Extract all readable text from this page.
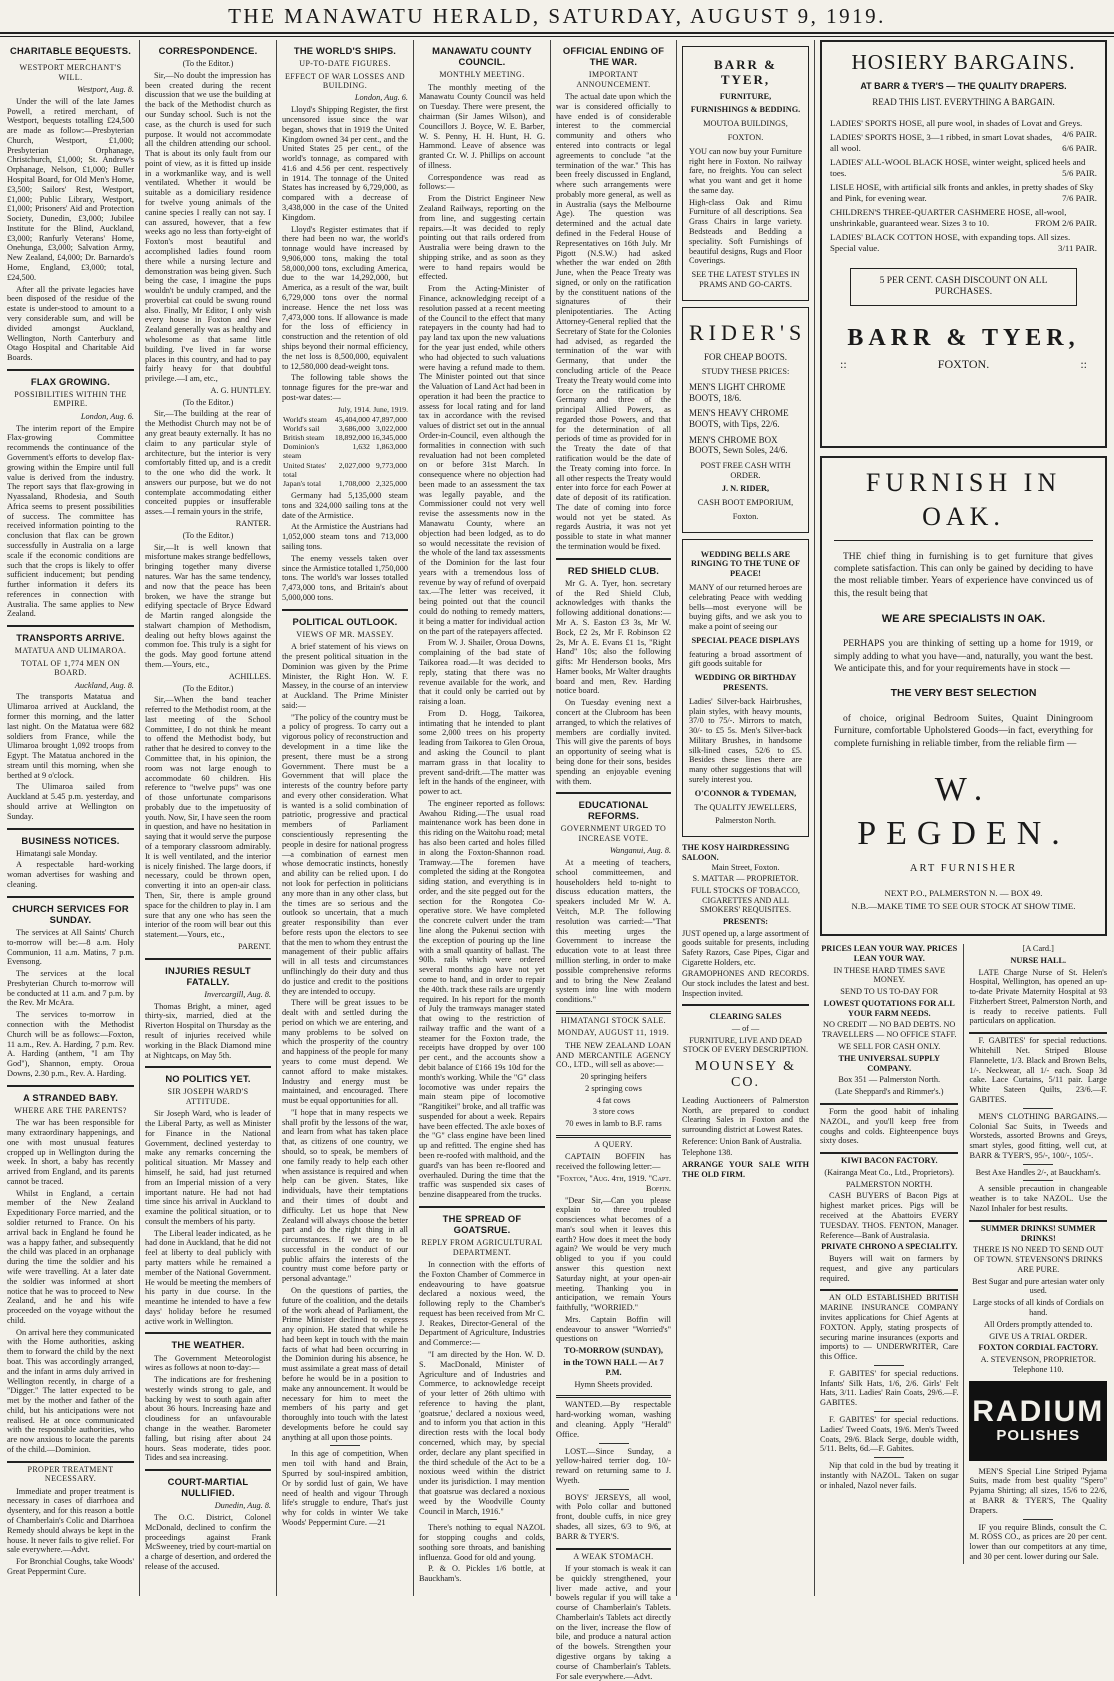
THE MANAWATU HERALD, SATURDAY, AUGUST 9, 1919.
CHARITABLE BEQUESTS.
WESTPORT MERCHANT'S WILL.

Westport, Aug. 8.

Under the will of the late James Powell, a retired merchant, of Westport, bequests totalling £24,500 are made as follow:—Presbyterian Church, Westport, £1,000; Presbyterian Orphanage, Christchurch, £1,000; St. Andrew's Orphanage, Nelson, £1,000; Buller Hospital Board, for Old Men's Home, £3,500; Sailors' Rest, Westport, £1,000; Public Library, Westport, £1,000; Prisoners' Aid and Protection Society, Dunedin, £3,000; Jubilee Institute for the Blind, Auckland, £3,000; Ranfurly Veterans' Home, Onehunga, £3,000; Salvation Army, New Zealand, £4,000; Dr. Barnardo's Home, England, £3,000; total, £24,500.

After all the private legacies have been disposed of the residue of the estate is under-stood to amount to a very considerable sum, and will be divided amongst Auckland, Wellington, North Canterbury and Otago Hospital and Charitable Aid Boards.

FLAX GROWING.
POSSIBILITIES WITHIN THE EMPIRE.

London, Aug. 6.

The interim report of the Empire Flax-growing Committee recommends the continuance of the Government's efforts to develop flax-growing within the Empire until full value is derived from the industry. The report says that flax-growing in Nyassaland, Rhodesia, and South Africa seems to present possibilities of success. The committee has received information pointing to the conclusion that flax can be grown successfully in Australia on a large scale if the economic conditions are such that the crops is likely to offer sufficient inducement; but pending further information it defers its references in connection with Australia. The same applies to New Zealand.

TRANSPORTS ARRIVE.
MATATUA AND ULIMAROA.
TOTAL OF 1,774 MEN ON BOARD.

Auckland, Aug. 8.

The transports Matatua and Ulimaroa arrived at Auckland, the former this morning, and the latter last night. On the Matatua were 682 soldiers from France, while the Ulimaroa brought 1,092 troops from Egypt. The Matatua anchored in the stream until this morning, when she berthed at 9 o'clock.

The Ulimaroa sailed from Auckland at 5.45 p.m. yesterday, and should arrive at Wellington on Sunday.

BUSINESS NOTICES.

Himatangi sale Monday.

A respectable hard-working woman advertises for washing and cleaning.

CHURCH SERVICES FOR SUNDAY.

The services at All Saints' Church to-morrow will be:—8 a.m. Holy Communion, 11 a.m. Matins, 7 p.m. Evensong.

The services at the local Presbyterian Church to-morrow will be conducted at 11 a.m. and 7 p.m. by the Rev. Mr McAra.

The services to-morrow in connection with the Methodist Church will be as follows:—Foxton, 11 a.m., Rev. A. Harding, 7 p.m. Rev. A. Harding (anthem, "I am Thy God"), Shannon, empty. Oroua Downs, 2.30 p.m., Rev. A. Harding.

A STRANDED BABY.
WHERE ARE THE PARENTS?

The war has been responsible for many extraordinary happenings, and one with most unusual features cropped up in Wellington during the week. In short, a baby has recently arrived from England, and its parents cannot be traced.

Whilst in England, a certain member of the New Zealand Expeditionary Force married, and the soldier returned to France. On his arrival back in England he found he was a happy father, and subsequently the child was placed in an orphanage during the time the soldier and his wife were travelling. At a later date the soldier was informed at short notice that he was to proceed to New Zealand, and he and his wife proceeded on the voyage without the child.

On arrival here they communicated with the Home authorities, asking them to forward the child by the next boat. This was accordingly arranged, and the infant in arms duly arrived in Wellington recently, in charge of a "Digger." The latter expected to be met by the mother and father of the child, but his anticipations were not realised. He at once communicated with the responsible authorities, who are now anxious to locate the parents of the child.—Dominion.

PROPER TREATMENT NECESSARY.

Immediate and proper treatment is necessary in cases of diarrhoea and dysentery, and for this reason a bottle of Chamberlain's Colic and Diarrhoea Remedy should always be kept in the house. It never fails to give relief. For sale everywhere.—Advt.

For Bronchial Coughs, take Woods' Great Peppermint Cure.

CORRESPONDENCE.

(To the Editor.)

Sir,—No doubt the impression has been created during the recent discussion that we use the building at the back of the Methodist church as our Sunday school. Such is not the case, as the church is used for such purpose. It would not accommodate all the children attending our school. That is about its only fault from our point of view, as it is fitted up inside in a workmanlike way, and is well ventilated. Whether it would be suitable as a domiciliary residence for twelve young animals of the canine species I really can not say. I can assured, however, that a few weeks ago no less than forty-eight of Foxton's most beautiful and accomplished ladies found room there while a nursing lecture and demonstration was being given. Such being the case, I imagine the pups wouldn't be unduly cramped, and the proverbial cat could be swung round also. Finally, Mr Editor, I only wish every house in Foxton and New Zealand generally was as healthy and wholesome as that same little building. I've lived in far worse places in this country, and had to pay fairly heavy for that doubtful privilege.—I am, etc.,

A. G. HUNTLEY.

(To the Editor.)

Sir,—The building at the rear of the Methodist Church may not be of any great beauty externally. It has no claim to any particular style of architecture, but the interior is very comfortably fitted up, and is a credit to the one who did the work. It answers our purpose, but we do not contemplate accommodating either conceited puppies or insufferable asses.—I remain yours in the strife,

RANTER.

(To the Editor.)

Sir,—It is well known that misfortune makes strange bedfellows, bringing together many diverse natures. War has the same tendency, and now that the peace has been broken, we have the strange but edifying spectacle of Bryce Edward de Martin ranged alongside the stalwart champion of Methodism, dealing out hefty blows against the common foe. This truly is a sight for the gods. May good fortune attend them.—Yours, etc.,

ACHILLES.

(To the Editor.)

Sir,—When the band teacher referred to the Methodist room, at the last meeting of the School Committee, I do not think he meant to offend the Methodist body, but rather that he desired to convey to the Committee that, in his opinion, the room was not large enough to accommodate 60 children. His reference to "twelve pups" was one of those unfortunate comparisons probably due to the impetuosity of youth. Now, Sir, I have seen the room in question, and have no hesitation in saying that it would serve the purpose of a temporary classroom admirably. It is well ventilated, and the interior is nicely finished. The large doors, if necessary, could be thrown open, converting it into an open-air class. Then, Sir, there is ample ground space for the children to play in. I am sure that any one who has seen the interior of the room will bear out this statement.—Yours, etc.,

PARENT.

INJURIES RESULT FATALLY.

Invercargill, Aug. 8.

Thomas Bright, a miner, aged thirty-six, married, died at the Riverton Hospital on Thursday as the result of injuries received while working in the Black Diamond mine at Nightcaps, on May 5th.

NO POLITICS YET.
SIR JOSEPH WARD'S ATTITUDE.

Sir Joseph Ward, who is leader of the Liberal Party, as well as Minister for Finance in the National Government, declined yesterday to make any remarks concerning the political situation. Mr Massey and himself, he said, had just returned from an Imperial mission of a very important nature. He had not had time since his arrival in Auckland to examine the political situation, or to consult the members of his party.

The Liberal leader indicated, as he had done in Auckland, that he did not feel at liberty to deal publicly with party matters while he remained a member of the National Government. He would be meeting the members of his party in due course. In the meantime he intended to have a few days' holiday before he resumed active work in Wellington.

THE WEATHER.

The Government Meteorologist wires as follows at noon to-day:—

The indications are for freshening westerly winds strong to gale, and backing by west to south again after about 36 hours. Increasing haze and cloudiness for an unfavourable change in the weather. Barometer falling, but rising after about 24 hours. Seas moderate, tides poor. Tides and sea increasing.

COURT-MARTIAL NULLIFIED.

Dunedin, Aug. 8.

The O.C. District, Colonel McDonald, declined to confirm the proceedings against Frank McSweeney, tried by court-martial on a charge of desertion, and ordered the release of the accused.

THE WORLD'S SHIPS.
UP-TO-DATE FIGURES.
EFFECT OF WAR LOSSES AND BUILDING.

London, Aug. 6.

Lloyd's Shipping Register, the first uncensored issue since the war began, shows that in 1919 the United Kingdom owned 34 per cent., and the United States 25 per cent., of the world's tonnage, as compared with 41.6 and 4.56 per cent. respectively in 1914. The tonnage of the United States has increased by 6,729,000, as compared with a decrease of 3,438,000 in the case of the United Kingdom.

Lloyd's Register estimates that if there had been no war, the world's tonnage would have increased by 9,906,000 tons, making the total 58,000,000 tons, excluding America, due to the war 14,292,000, but America, as a result of the war, built 6,729,000 tons over the normal increase. Hence the net loss was 7,473,000 tons. If allowance is made for the loss of efficiency in construction and the retention of old ships beyond their normal efficiency, the net loss is 8,500,000, equivalent to 12,580,000 dead-weight tons.

The following table shows the tonnage figures for the pre-war and post-war dates:—

	July, 1914.	June, 1919.
World's steam	45,404,000	47,897,000
World's sail	3,686,000	3,022,000
British steam	18,892,000	16,345,000
Dominion's steam	1,632	1,863,000
United States' total	2,027,000	9,773,000
Japan's total	1,708,000	2,325,000

Germany had 5,135,000 steam tons and 324,000 sailing tons at the date of the Armistice.

At the Armistice the Austrians had 1,052,000 steam tons and 713,000 sailing tons.

The enemy vessels taken over since the Armistice totalled 1,750,000 tons. The world's war losses totalled 7,473,000 tons, and Britain's about 5,000,000 tons.

POLITICAL OUTLOOK.
VIEWS OF MR. MASSEY.

A brief statement of his views on the present political situation in the Dominion was given by the Prime Minister, the Right Hon. W. F. Massey, in the course of an interview at Auckland. The Prime Minister said:—

"The policy of the country must be a policy of progress. To carry out a vigorous policy of reconstruction and development in a time like the present, there must be a strong Government. There must be a Government that will place the interests of the country before party and every other consideration. What is wanted is a solid combination of patriotic, progressive and practical members of Parliament conscientiously representing the people in desire for national progress—a combination of earnest men whose democratic instincts, honestly and ability can be relied upon. I do not look for perfection in politicians any more than in any other class, but the times are so serious and the outlook so uncertain, that a much greater responsibility than ever before rests upon the electors to see that the men to whom they entrust the management of their public affairs will in all tests and circumstances unflinchingly do their duty and thus do justice and credit to the positions they are intended to occupy.

There will be great issues to be dealt with and settled during the period on which we are entering, and many problems to be solved on which the prosperity of the country and happiness of the people for many years to come must depend. We cannot afford to make mistakes. Industry and energy must be maintained, and encouraged. There must be equal opportunities for all.

"I hope that in many respects we shall profit by the lessons of the war, and learn from what has taken place that, as citizens of one country, we should, so to speak, be members of one family ready to help each other when assistance is required and when help can be given. States, like individuals, have their temptations and their times of doubt and difficulty. Let us hope that New Zealand will always choose the better part and do the right thing in all circumstances. If we are to be successful in the conduct of our public affairs the interests of the country must come before party or personal advantage."

On the questions of parties, the future of the coalition, and the details of the work ahead of Parliament, the Prime Minister declined to express any opinion. He stated that while he had been kept in touch with the main facts of what had been occurring in the Dominion during his absence, he must assimilate a great mass of detail before he would be in a position to make any announcement. It would be necessary for him to meet the members of his party and get thoroughly into touch with the latest developments before he could say anything at all upon those points.

In this age of competition, When men toil with hand and Brain, Spurred by soul-inspired ambition, Or by sordid lust of gain, We have need of health and vigour Through life's struggle to endure, That's just why for colds in winter We take Woods' Peppermint Cure. —21

MANAWATU COUNTY COUNCIL.
MONTHLY MEETING.

The monthly meeting of the Manawatu County Council was held on Tuesday. There were present, the chairman (Sir James Wilson), and Councillors J. Boyce, W. E. Barber, W. S. Penny, H. H. Hunt, H. G. Hammond. Leave of absence was granted Cr. W. J. Phillips on account of illness.

Correspondence was read as follows:—

From the District Engineer New Zealand Railways, reporting on the from line, and suggesting certain repairs.—It was decided to reply pointing out that rails ordered from Australia were being drawn to the shipping strike, and as soon as they were to hand repairs would be effected.

From the Acting-Minister of Finance, acknowledging receipt of a resolution passed at a recent meeting of the Council to the effect that many ratepayers in the county had had to pay land tax upon the new valuations for the year just ended, while others who had objected to such valuations were having a refund made to them. The Minister pointed out that since the Valuation of Land Act had been in operation it had been the practice to assess for local rating and for land tax in accordance with the revised values of district set out in the annual Order-in-Council, even although the formalities in connection with such revaluation had not been completed on or before 31st March. In consequence where no objection had been made to an assessment the tax was legally payable, and the Commissioner could not very well revise the assessments now in the Manawatu County, where an objection had been lodged, as to do so would necessitate the revision of the whole of the land tax assessments of the Dominion for the last four years with a tremendous loss of revenue by way of refund of overpaid tax.—The letter was received, it being pointed out that the council could do nothing to remedy matters, it being a matter for individual action on the part of the ratepayers affected.

From W. J. Shailer, Oroua Downs, complaining of the bad state of Taikorea road.—It was decided to reply, stating that there was no revenue available for the work, and that it could only be carried out by raising a loan.

From D. Hogg, Taikorea, intimating that he intended to plant some 2,000 trees on his property leading from Taikorea to Glen Oroua, and asking the Council to plant marram grass in that locality to prevent sand-drift.—The matter was left in the hands of the engineer, with power to act.

The engineer reported as follows: Awahou Riding.—The usual road maintenance work has been done in this riding on the Waitohu road; metal has also been carted and holes filled in along the Foxton-Shannon road. Tramway.—The foremen have completed the siding at the Rongotea siding station, and everything is in order, and the site pegged out for the section for the Rongotea Co-operative store. We have completed the concrete culvert under the tram line along the Pukenui section with the exception of pouring up the line with a small quantity of ballast. The 90lb. rails which were ordered several months ago have not yet come to hand, and in order to repair the 40th. track these rails are urgently required. In his report for the month of July the tramways manager stated that owing to the restriction of railway traffic and the want of a steamer for the Foxton trade, the receipts have dropped by over 100 per cent., and the accounts show a debit balance of £166 19s 10d for the month's working. While the "G" class locomotive was under repairs the main steam pipe of locomotive "Rangitikei" broke, and all traffic was suspended for about a week. Repairs have been effected. The axle boxes of the "G" class engine have been lined up and refitted. The engine shed has been re-roofed with malthoid, and the guard's van has been re-floored and overhauled. During the time that the traffic was suspended six cases of benzine disappeared from the trucks.

THE SPREAD OF GOATSRUE.
REPLY FROM AGRICULTURAL DEPARTMENT.

In connection with the efforts of the Foxton Chamber of Commerce in endeavouring to have goatsrue declared a noxious weed, the following reply to the Chamber's request has been received from Mr C. J. Reakes, Director-General of the Department of Agriculture, Industries and Commerce:—

"I am directed by the Hon. W. D. S. MacDonald, Minister of Agriculture and of Industries and Commerce, to acknowledge receipt of your letter of 26th ultimo with reference to having the plant, 'goatsrue,' declared a noxious weed, and to inform you that action in this direction rests with the local body concerned, which may, by special order, declare any plant specified in the third schedule of the Act to be a noxious weed within the district under its jurisdiction. I may mention that goatsrue was declared a noxious weed by the Woodville County Council in March, 1916."

There's nothing to equal NAZOL for stopping coughs and colds, soothing sore throats, and banishing influenza. Good for old and young.

P. & O. Pickles 1/6 bottle, at Bauckham's.

OFFICIAL ENDING OF THE WAR.
IMPORTANT ANNOUNCEMENT.

The actual date upon which the war is considered officially to have ended is of considerable interest to the commercial community and others who entered into contracts or legal agreements to conclude "at the termination of the war." This has been freely discussed in England, where such arrangements were probably more general, as well as in Australia (says the Melbourne Age). The question was determined and the actual date defined in the Federal House of Representatives on 16th July. Mr Pigott (N.S.W.) had asked whether the war ended on 28th June, when the Peace Treaty was signed, or only on the ratification by the constituent nations of the signatures of their plenipotentiaries. The Acting Attorney-General replied that the Secretary of State for the Colonies had advised, as regarded the termination of the war with Germany, that under the concluding article of the Peace Treaty the Treaty would come into force on the ratification by Germany and three of the principal Allied Powers, as regarded those Powers, and that for the determination of all periods of time as provided for in the Treaty the date of that ratification would be the date of the Treaty coming into force. In all other respects the Treaty would enter into force for each Power at date of deposit of its ratification. The date of coming into force would not yet be stated. As regards Austria, it was not yet possible to state in what manner the termination would be fixed.

RED SHIELD CLUB.

Mr G. A. Tyer, hon. secretary of the Red Shield Club, acknowledges with thanks the following additional donations:—Mr A. S. Easton £3 3s, Mr W. Bock, £2 2s, Mr F. Robinson £2 2s, Mr A. E. Evans £1 1s, "Right Hand" 10s; also the following gifts: Mr Henderson books, Mrs Hamer books, Mr Walter draughts board and men, Rev. Harding notice board.

On Tuesday evening next a concert at the Clubroom has been arranged, to which the relatives of members are cordially invited. This will give the parents of boys an opportunity of seeing what is being done for their sons, besides spending an enjoyable evening with them.

EDUCATIONAL REFORMS.
GOVERNMENT URGED TO INCREASE VOTE.

Wanganui, Aug. 8.

At a meeting of teachers, school committeemen, and householders held to-night to discuss education matters, the speakers included Mr W. A. Veitch, M.P. The following resolution was carried:—"That this meeting urges the Government to increase the education vote to at least three million sterling, in order to make possible comprehensive reforms and to bring the New Zealand system into line with modern conditions."

HIMATANGI STOCK SALE.
MONDAY, AUGUST 11, 1919.

THE NEW ZEALAND LOAN AND MERCANTILE AGENCY CO., LTD., will sell as above:—

20 springing heifers

2 springing cows

4 fat cows

3 store cows

70 ewes in lamb to B.F. rams

A QUERY.

CAPTAIN BOFFIN has received the following letter:—

"Foxton, "Aug. 4th, 1919. "Capt. Boffin.

"Dear Sir,—Can you please explain to three troubled consciences what becomes of a man's soul when it leaves this earth? How does it meet the body again? We would be very much obliged to you if you could answer this question next Saturday night, at your open-air meeting. Thanking you in anticipation, we remain Yours faithfully, "WORRIED."

Mrs. Captain Boffin will endeavour to answer "Worried's" questions on

TO-MORROW (SUNDAY),

in the TOWN HALL — At 7 P.M.

Hymn Sheets provided.

WANTED.—By respectable hard-working woman, washing and cleaning. Apply "Herald" Office.

LOST.—Since Sunday, a yellow-haired terrier dog. 10/- reward on returning same to J. Wyeth.

BOYS' JERSEYS, all wool, with Polo collar and buttoned front, double cuffs, in nice grey shades, all sizes, 6/3 to 9/6, at BARR & TYER'S.

A WEAK STOMACH.

If your stomach is weak it can be quickly strengthened, your liver made active, and your bowels regular if you will take a course of Chamberlain's Tablets. Chamberlain's Tablets act directly on the liver, increase the flow of bile, and produce a natural action of the bowels. Strengthen your digestive organs by taking a course of Chamberlain's Tablets. For sale everywhere.—Advt.

BARR & TYER,
FURNITURE,
FURNISHINGS & BEDDING.
MOUTOA BUILDINGS,
FOXTON.

YOU can now buy your Furniture right here in Foxton. No railway fare, no freights. You can select what you want and get it home the same day.

High-class Oak and Rimu Furniture of all descriptions. Sea Grass Chairs in large variety. Bedsteads and Bedding a speciality. Soft Furnishings of beautiful designs, Rugs and Floor Coverings.

SEE THE LATEST STYLES IN PRAMS AND GO-CARTS.
RIDER'S
FOR CHEAP BOOTS.
STUDY THESE PRICES:
MEN'S LIGHT CHROME BOOTS, 18/6.
MEN'S HEAVY CHROME BOOTS, with Tips, 22/6.
MEN'S CHROME BOX BOOTS, Sewn Soles, 24/6.
POST FREE CASH WITH ORDER.
J. N. RIDER,
CASH BOOT EMPORIUM,
Foxton.
WEDDING BELLS ARE RINGING TO THE TUNE OF PEACE!

MANY of our returned heroes are celebrating Peace with wedding bells—most everyone will be buying gifts, and we ask you to make a point of seeing our

SPECIAL PEACE DISPLAYS

featuring a broad assortment of gift goods suitable for

WEDDING OR BIRTHDAY PRESENTS.

Ladies' Silver-back Hairbrushes, plain styles, with heavy mounts, 37/0 to 75/-. Mirrors to match, 30/- to £5 5s. Men's Silver-back Military Brushes, in handsome silk-lined cases, 52/6 to £5. Besides these lines there are many other suggestions that will surely interest you.

O'CONNOR & TYDEMAN,
The QUALITY JEWELLERS,
Palmerston North.
THE KOSY HAIRDRESSING SALOON.

Main Street, Foxton.

S. MATTAR — PROPRIETOR.

FULL STOCKS OF TOBACCO, CIGARETTES AND ALL SMOKERS' REQUISITES.

PRESENTS:

JUST opened up, a large assortment of goods suitable for presents, including Safety Razors, Case Pipes, Cigar and Cigarette Holders, etc.

GRAMOPHONES AND RECORDS. Our stock includes the latest and best. Inspection invited.

CLEARING SALES

— of —

FURNITURE, LIVE AND DEAD STOCK OF EVERY DESCRIPTION.

MOUNSEY & CO.

Leading Auctioneers of Palmerston North, are prepared to conduct Clearing Sales in Foxton and the surrounding district at Lowest Rates.

Reference: Union Bank of Australia.

Telephone 138.

ARRANGE YOUR SALE WITH THE OLD FIRM.

HOSIERY BARGAINS.
AT BARR & TYER'S — THE QUALITY DRAPERS.
READ THIS LIST. EVERYTHING A BARGAIN.
LADIES' SPORTS HOSE, all pure wool, in shades of Lovat and Greys.
4/6 PAIR.
LADIES' SPORTS HOSE, 3—1 ribbed, in smart Lovat shades, all wool.	6/6 PAIR.
LADIES' ALL-WOOL BLACK HOSE, winter weight, spliced heels and toes.	5/6 PAIR.
LISLE HOSE, with artificial silk fronts and ankles, in pretty shades of Sky and Pink, for evening wear.	7/6 PAIR.
CHILDREN'S THREE-QUARTER CASHMERE HOSE, all-wool, unshrinkable, guaranteed wear. Sizes 3 to 10.	FROM 2/6 PAIR.
LADIES' BLACK COTTON HOSE, with expanding tops. All sizes. Special value.	3/11 PAIR.
5 PER CENT. CASH DISCOUNT ON ALL PURCHASES.
BARR & TYER,
::	FOXTON.	::
FURNISH IN OAK.

THE chief thing in furnishing is to get furniture that gives complete satisfaction. This can only be gained by deciding to have the most reliable timber. Years of experience have convinced us of this, the result being that

WE ARE SPECIALISTS IN OAK.

PERHAPS you are thinking of setting up a home for 1919, or simply adding to what you have—and, naturally, you want the best. We anticipate this, and for your requirements have in stock —

THE VERY BEST SELECTION

of choice, original Bedroom Suites, Quaint Diningroom Furniture, comfortable Upholstered Goods—in fact, everything for complete furnishing in reliable timber, from the reliable firm —

W. PEGDEN.
ART FURNISHER
NEXT P.O., PALMERSTON N. — BOX 49.
N.B.—MAKE TIME TO SEE OUR STOCK AT SHOW TIME.

PRICES LEAN YOUR WAY. PRICES LEAN YOUR WAY.

IN THESE HARD TIMES SAVE MONEY.

SEND TO US TO-DAY FOR

LOWEST QUOTATIONS FOR ALL YOUR FARM NEEDS.

NO CREDIT — NO BAD DEBTS. NO TRAVELLERS — NO OFFICE STAFF.

WE SELL FOR CASH ONLY.

THE UNIVERSAL SUPPLY COMPANY.

Box 351 — Palmerston North.

(Late Sheppard's and Rimmer's.)

Form the good habit of inhaling NAZOL, and you'll keep free from coughs and colds. Eighteenpence buys sixty doses.

KIWI BACON FACTORY.

(Kairanga Meat Co., Ltd., Proprietors).

PALMERSTON NORTH.

CASH BUYERS of Bacon Pigs at highest market prices. Pigs will be received at the Abattoirs EVERY TUESDAY. THOS. FENTON, Manager. Reference—Bank of Australasia.

PRIVATE CHRONO A SPECIALITY.

Buyers will wait on farmers by request, and give any particulars required.

AN OLD ESTABLISHED BRITISH MARINE INSURANCE COMPANY invites applications for Chief Agents at FOXTON. Apply, stating prospects of securing marine insurances (exports and imports) to — UNDERWRITER, Care this Office.

F. GABITES' for special reductions. Infants' Silk Hats, 1/6, 2/6. Girls' Felt Hats, 3/11. Ladies' Rain Coats, 29/6.—F. GABITES.

F. GABITES' for special reductions. Ladies' Tweed Coats, 19/6. Men's Tweed Coats, 29/6. Black Serge, double width, 5/11. Belts, 6d.—F. Gabites.

Nip that cold in the bud by treating it instantly with NAZOL. Taken on sugar or inhaled, Nazol never fails.

[A Card.]

NURSE HALL.

LATE Charge Nurse of St. Helen's Hospital, Wellington, has opened an up-to-date Private Maternity Hospital at 93 Fitzherbert Street, Palmerston North, and is ready to receive patients. Full particulars on application.

F. GABITES' for special reductions. Whitehill Net. Striped Blouse Flannelette, 1/3. Black and Brown Belts, 1/-. Neckwear, all 1/- each. Soap 3d cake. Lace Curtains, 5/11 pair. Large White Sateen Quilts, 23/6.—F. GABITES.

MEN'S CLOTHING BARGAINS.—Colonial Sac Suits, in Tweeds and Worsteds, assorted Browns and Greys, smart styles, good fitting, well cut, at BARR & TYER'S, 95/-, 100/-, 105/-.

Best Axe Handles 2/-, at Bauckham's.

A sensible precaution in changeable weather is to take NAZOL. Use the Nazol Inhaler for best results.

SUMMER DRINKS! SUMMER DRINKS!

THERE IS NO NEED TO SEND OUT OF TOWN. STEVENSON'S DRINKS ARE PURE.

Best Sugar and pure artesian water only used.

Large stocks of all kinds of Cordials on hand.

All Orders promptly attended to.

GIVE US A TRIAL ORDER.

FOXTON CORDIAL FACTORY.

A. STEVENSON, PROPRIETOR. Telephone 110.

RADIUM
POLISHES

MEN'S Special Line Striped Pyjama Suits, made from best quality "Spero" Pyjama Shirting; all sizes, 15/6 to 22/6, at BARR & TYER'S, The Quality Drapers.

IF you require Blinds, consult the C. M. ROSS CO., as prices are 20 per cent. lower than our competitors at any time, and 30 per cent. lower during our Sale.
